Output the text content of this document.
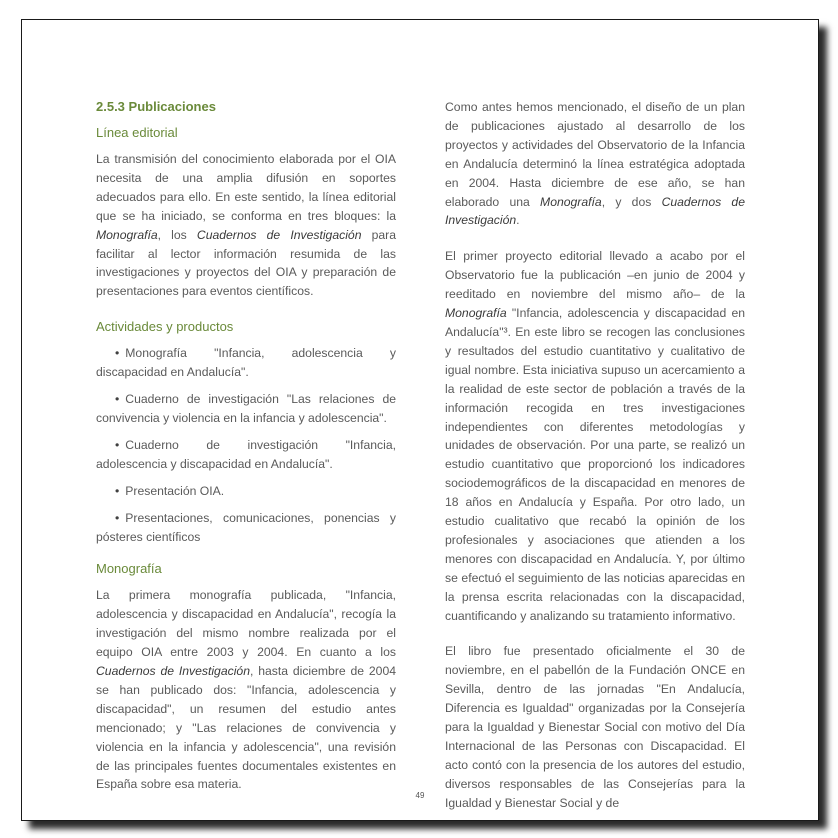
2.5.3 Publicaciones
Línea editorial

La transmisión del conocimiento elaborada por el OIA necesita de una amplia difusión en soportes adecuados para ello. En este sentido, la línea editorial que se ha iniciado, se conforma en tres bloques: la Monografía, los Cuadernos de Investigación para facilitar al lector información resumida de las investigaciones y proyectos del OIA y preparación de presentaciones para eventos científicos.

Actividades y productos
• Monografía "Infancia, adolescencia y discapacidad en Andalucía".
• Cuaderno de investigación "Las relaciones de convivencia y violencia en la infancia y adolescencia".
• Cuaderno de investigación "Infancia, adolescencia y discapacidad en Andalucía".
• Presentación OIA.
• Presentaciones, comunicaciones, ponencias y pósteres científicos
Monografía

La primera monografía publicada, "Infancia, adolescencia y discapacidad en Andalucía", recogía la investigación del mismo nombre realizada por el equipo OIA entre 2003 y 2004. En cuanto a los Cuadernos de Investigación, hasta diciembre de 2004 se han publicado dos: "Infancia, adolescencia y discapacidad", un resumen del estudio antes mencionado; y "Las relaciones de convivencia y violencia en la infancia y adolescencia", una revisión de las principales fuentes documentales existentes en España sobre esa materia.

Como antes hemos mencionado, el diseño de un plan de publicaciones ajustado al desarrollo de los proyectos y actividades del Observatorio de la Infancia en Andalucía determinó la línea estratégica adoptada en 2004. Hasta diciembre de ese año, se han elaborado una Monografía, y dos Cuadernos de Investigación.

El primer proyecto editorial llevado a acabo por el Observatorio fue la publicación –en junio de 2004 y reeditado en noviembre del mismo año– de la Monografía "Infancia, adolescencia y discapacidad en Andalucía"³. En este libro se recogen las conclusiones y resultados del estudio cuantitativo y cualitativo de igual nombre. Esta iniciativa supuso un acercamiento a la realidad de este sector de población a través de la información recogida en tres investigaciones independientes con diferentes metodologías y unidades de observación. Por una parte, se realizó un estudio cuantitativo que proporcionó los indicadores sociodemográficos de la discapacidad en menores de 18 años en Andalucía y España. Por otro lado, un estudio cualitativo que recabó la opinión de los profesionales y asociaciones que atienden a los menores con discapacidad en Andalucía. Y, por último se efectuó el seguimiento de las noticias aparecidas en la prensa escrita relacionadas con la discapacidad, cuantificando y analizando su tratamiento informativo.

El libro fue presentado oficialmente el 30 de noviembre, en el pabellón de la Fundación ONCE en Sevilla, dentro de las jornadas "En Andalucía, Diferencia es Igualdad" organizadas por la Consejería para la Igualdad y Bienestar Social con motivo del Día Internacional de las Personas con Discapacidad. El acto contó con la presencia de los autores del estudio, diversos responsables de las Consejerías para la Igualdad y Bienestar Social y de

49
